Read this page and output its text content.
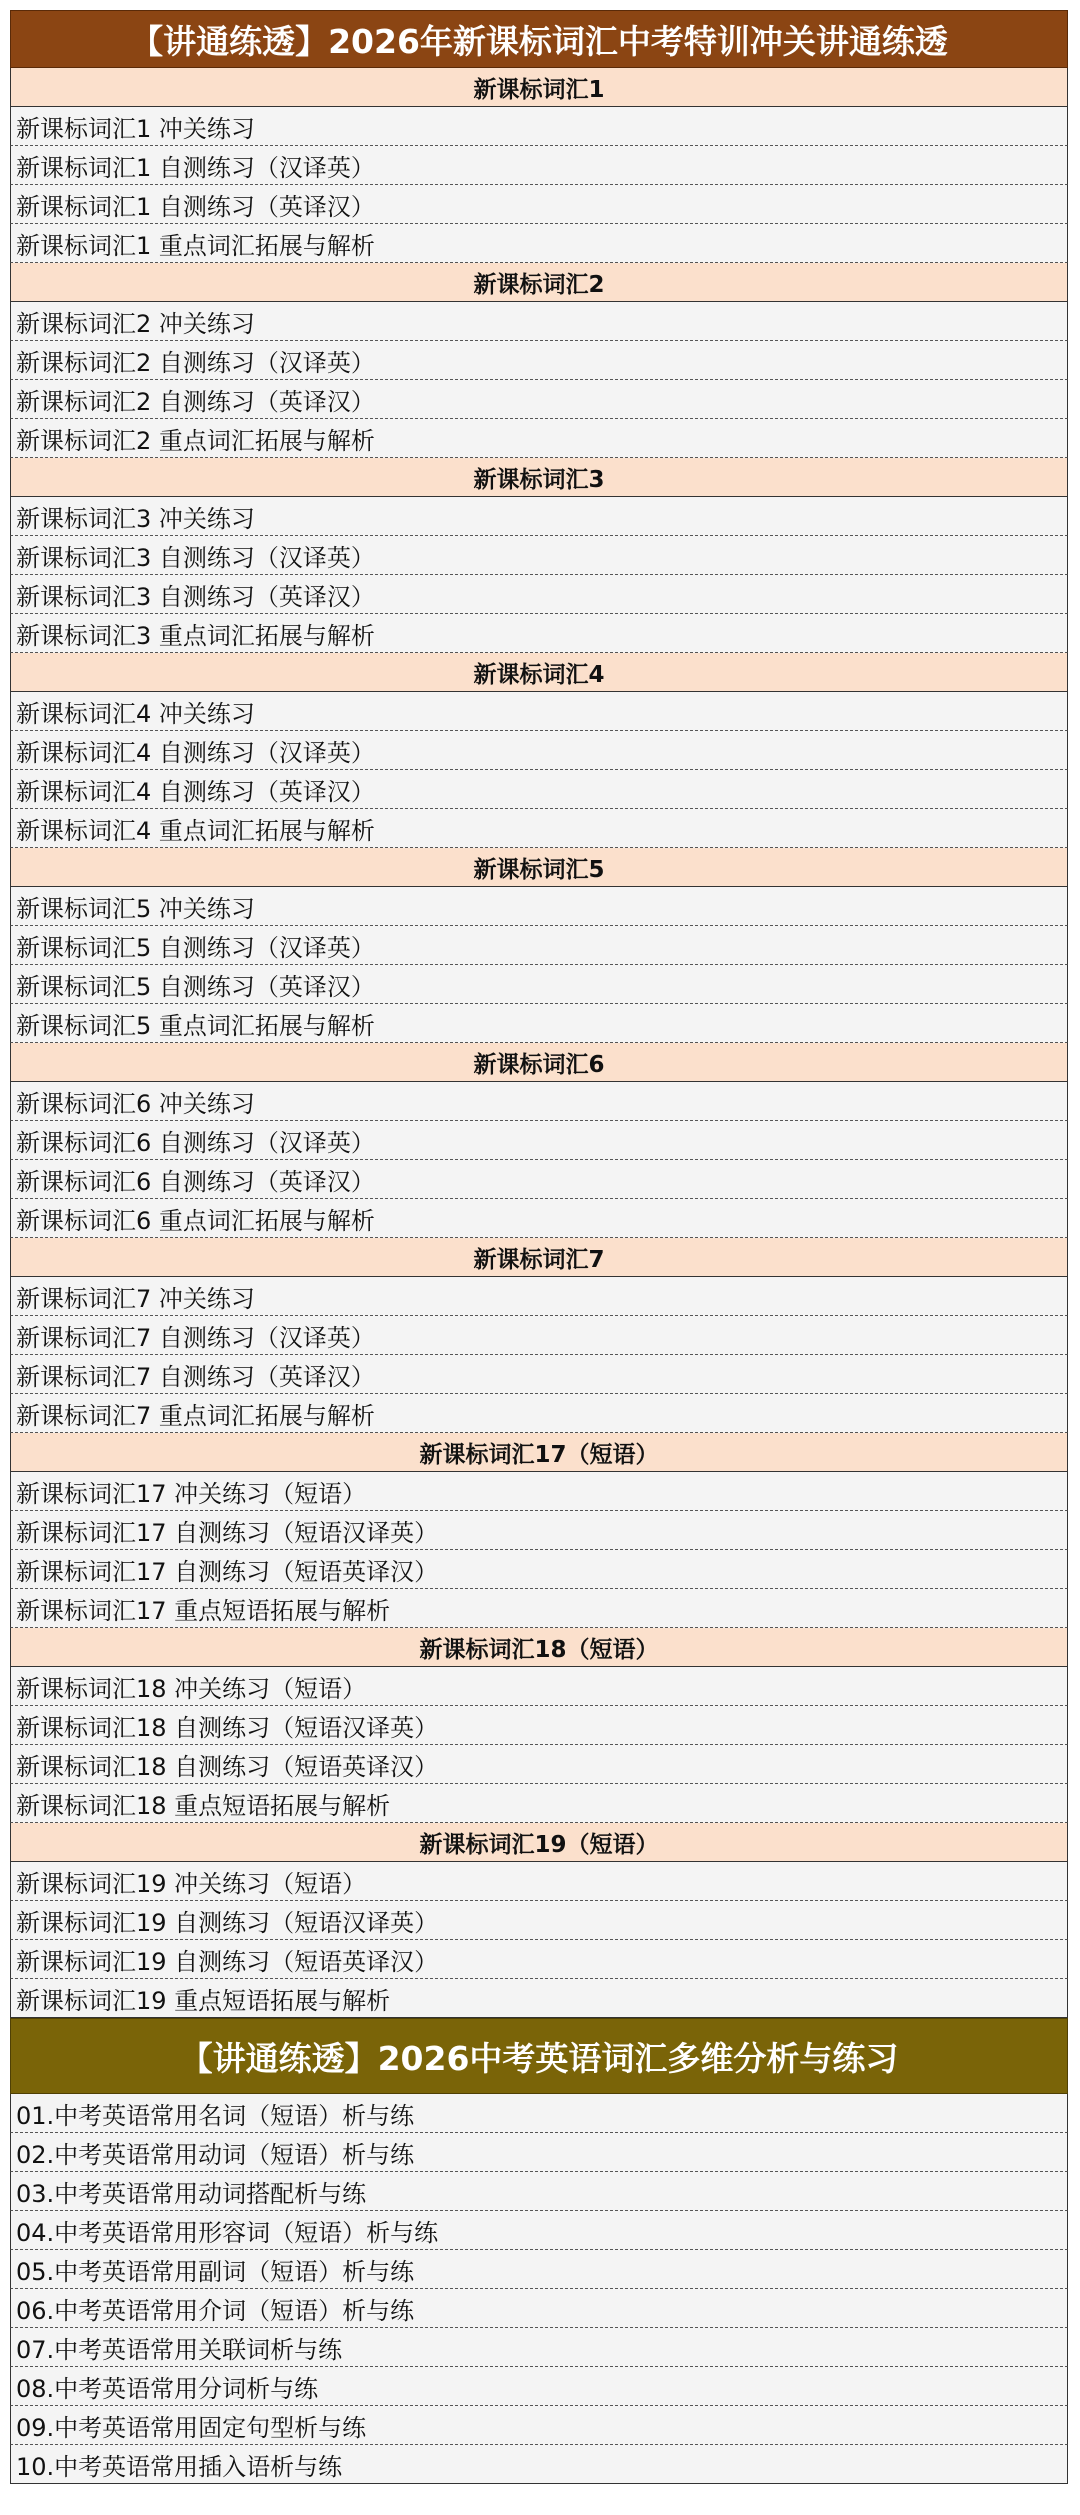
【讲通练透】2026年新课标词汇中考特训冲关讲通练透
新课标词汇1
新课标词汇1 冲关练习
新课标词汇1 自测练习（汉译英）
新课标词汇1 自测练习（英译汉）
新课标词汇1 重点词汇拓展与解析
新课标词汇2
新课标词汇2 冲关练习
新课标词汇2 自测练习（汉译英）
新课标词汇2 自测练习（英译汉）
新课标词汇2 重点词汇拓展与解析
新课标词汇3
新课标词汇3 冲关练习
新课标词汇3 自测练习（汉译英）
新课标词汇3 自测练习（英译汉）
新课标词汇3 重点词汇拓展与解析
新课标词汇4
新课标词汇4 冲关练习
新课标词汇4 自测练习（汉译英）
新课标词汇4 自测练习（英译汉）
新课标词汇4 重点词汇拓展与解析
新课标词汇5
新课标词汇5 冲关练习
新课标词汇5 自测练习（汉译英）
新课标词汇5 自测练习（英译汉）
新课标词汇5 重点词汇拓展与解析
新课标词汇6
新课标词汇6 冲关练习
新课标词汇6 自测练习（汉译英）
新课标词汇6 自测练习（英译汉）
新课标词汇6 重点词汇拓展与解析
新课标词汇7
新课标词汇7 冲关练习
新课标词汇7 自测练习（汉译英）
新课标词汇7 自测练习（英译汉）
新课标词汇7 重点词汇拓展与解析
新课标词汇17（短语）
新课标词汇17 冲关练习（短语）
新课标词汇17 自测练习（短语汉译英）
新课标词汇17 自测练习（短语英译汉）
新课标词汇17 重点短语拓展与解析
新课标词汇18（短语）
新课标词汇18 冲关练习（短语）
新课标词汇18 自测练习（短语汉译英）
新课标词汇18 自测练习（短语英译汉）
新课标词汇18 重点短语拓展与解析
新课标词汇19（短语）
新课标词汇19 冲关练习（短语）
新课标词汇19 自测练习（短语汉译英）
新课标词汇19 自测练习（短语英译汉）
新课标词汇19 重点短语拓展与解析
【讲通练透】2026中考英语词汇多维分析与练习
01.中考英语常用名词（短语）析与练
02.中考英语常用动词（短语）析与练
03.中考英语常用动词搭配析与练
04.中考英语常用形容词（短语）析与练
05.中考英语常用副词（短语）析与练
06.中考英语常用介词（短语）析与练
07.中考英语常用关联词析与练
08.中考英语常用分词析与练
09.中考英语常用固定句型析与练
10.中考英语常用插入语析与练
